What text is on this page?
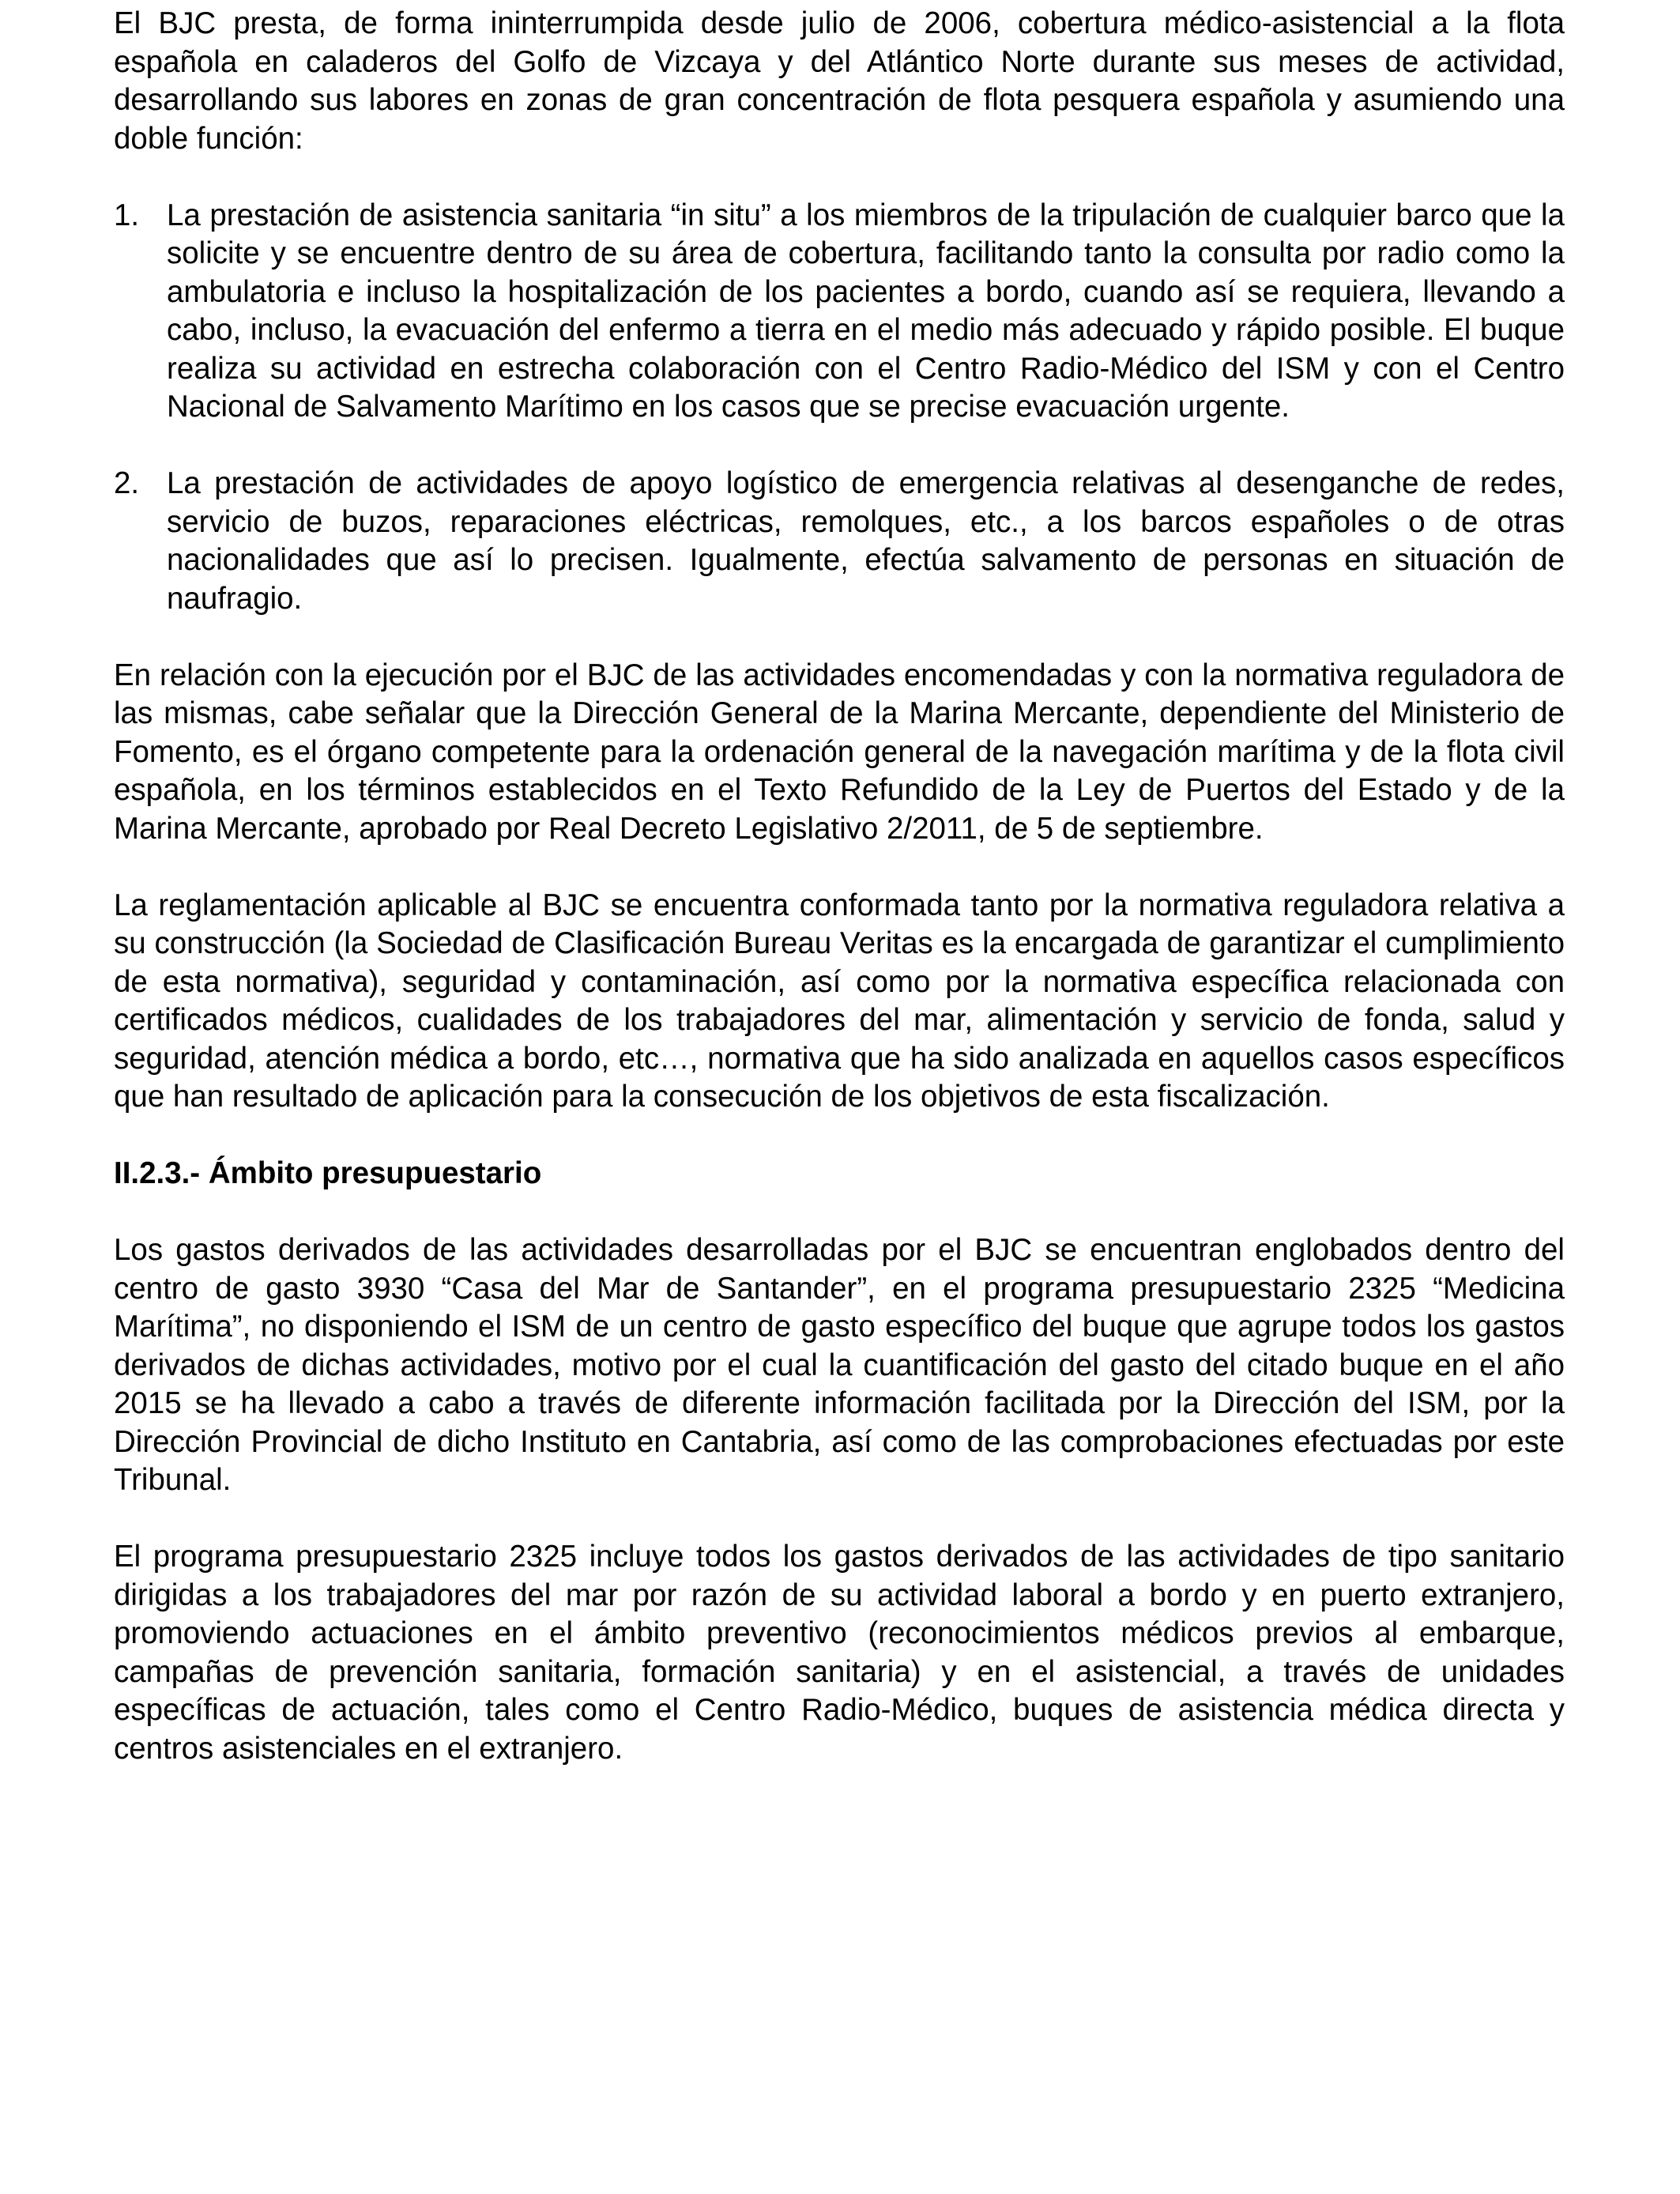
El BJC presta, de forma ininterrumpida desde julio de 2006, cobertura médico-asistencial a la flota española en caladeros del Golfo de Vizcaya y del Atlántico Norte durante sus meses de actividad, desarrollando sus labores en zonas de gran concentración de flota pesquera española y asumiendo una doble función:

1. La prestación de asistencia sanitaria “in situ” a los miembros de la tripulación de cualquier barco que la solicite y se encuentre dentro de su área de cobertura, facilitando tanto la consulta por radio como la ambulatoria e incluso la hospitalización de los pacientes a bordo, cuando así se requiera, llevando a cabo, incluso, la evacuación del enfermo a tierra en el medio más adecuado y rápido posible. El buque realiza su actividad en estrecha colaboración con el Centro Radio-Médico del ISM y con el Centro Nacional de Salvamento Marítimo en los casos que se precise evacuación urgente.
2. La prestación de actividades de apoyo logístico de emergencia relativas al desenganche de redes, servicio de buzos, reparaciones eléctricas, remolques, etc., a los barcos españoles o de otras nacionalidades que así lo precisen. Igualmente, efectúa salvamento de personas en situación de naufragio.

En relación con la ejecución por el BJC de las actividades encomendadas y con la normativa reguladora de las mismas, cabe señalar que la Dirección General de la Marina Mercante, dependiente del Ministerio de Fomento, es el órgano competente para la ordenación general de la navegación marítima y de la flota civil española, en los términos establecidos en el Texto Refundido de la Ley de Puertos del Estado y de la Marina Mercante, aprobado por Real Decreto Legislativo 2/2011, de 5 de septiembre.

La reglamentación aplicable al BJC se encuentra conformada tanto por la normativa reguladora relativa a su construcción (la Sociedad de Clasificación Bureau Veritas es la encargada de garantizar el cumplimiento de esta normativa), seguridad y contaminación, así como por la normativa específica relacionada con certificados médicos, cualidades de los trabajadores del mar, alimentación y servicio de fonda, salud y seguridad, atención médica a bordo, etc…, normativa que ha sido analizada en aquellos casos específicos que han resultado de aplicación para la consecución de los objetivos de esta fiscalización.

II.2.3.- Ámbito presupuestario

Los gastos derivados de las actividades desarrolladas por el BJC se encuentran englobados dentro del centro de gasto 3930 “Casa del Mar de Santander”, en el programa presupuestario 2325 “Medicina Marítima”, no disponiendo el ISM de un centro de gasto específico del buque que agrupe todos los gastos derivados de dichas actividades, motivo por el cual la cuantificación del gasto del citado buque en el año 2015 se ha llevado a cabo a través de diferente información facilitada por la Dirección del ISM, por la Dirección Provincial de dicho Instituto en Cantabria, así como de las comprobaciones efectuadas por este Tribunal.

El programa presupuestario 2325 incluye todos los gastos derivados de las actividades de tipo sanitario dirigidas a los trabajadores del mar por razón de su actividad laboral a bordo y en puerto extranjero, promoviendo actuaciones en el ámbito preventivo (reconocimientos médicos previos al embarque, campañas de prevención sanitaria, formación sanitaria) y en el asistencial, a través de unidades específicas de actuación, tales como el Centro Radio-Médico, buques de asistencia médica directa y centros asistenciales en el extranjero.
